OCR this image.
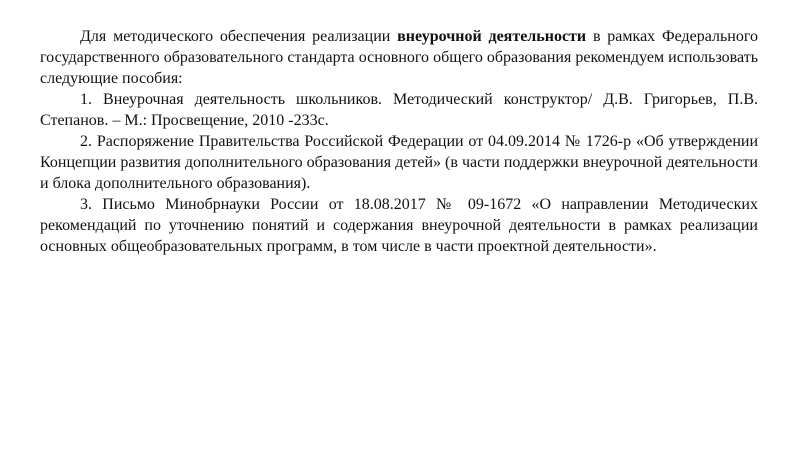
Для методического обеспечения реализации внеурочной деятельности в рамках Федерального государственного образовательного стандарта основного общего образования рекомендуем использовать следующие пособия:

1. Внеурочная деятельность школьников. Методический конструктор/ Д.В. Григорьев, П.В. Степанов. – М.: Просвещение, 2010 -233с.

2. Распоряжение Правительства Российской Федерации от 04.09.2014 № 1726-р «Об утверждении Концепции развития дополнительного образования детей» (в части поддержки внеурочной деятельности и блока дополнительного образования).

3. Письмо Минобрнауки России от 18.08.2017 № 09-1672 «О направлении Методических рекомендаций по уточнению понятий и содержания внеурочной деятельности в рамках реализации основных общеобразовательных программ, в том числе в части проектной деятельности».
